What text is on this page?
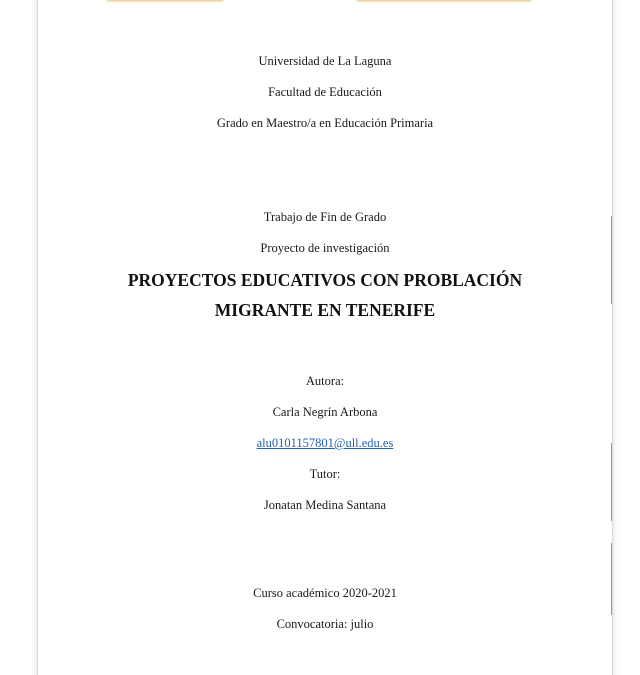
Universidad de La Laguna
Facultad de Educación
Grado en Maestro/a en Educación Primaria
Trabajo de Fin de Grado
Proyecto de investigación
PROYECTOS EDUCATIVOS CON PROBLACIÓN
MIGRANTE EN TENERIFE
Autora:
Carla Negrín Arbona
alu0101157801@ull.edu.es
Tutor:
Jonatan Medina Santana
Curso académico 2020-2021
Convocatoria: julio
